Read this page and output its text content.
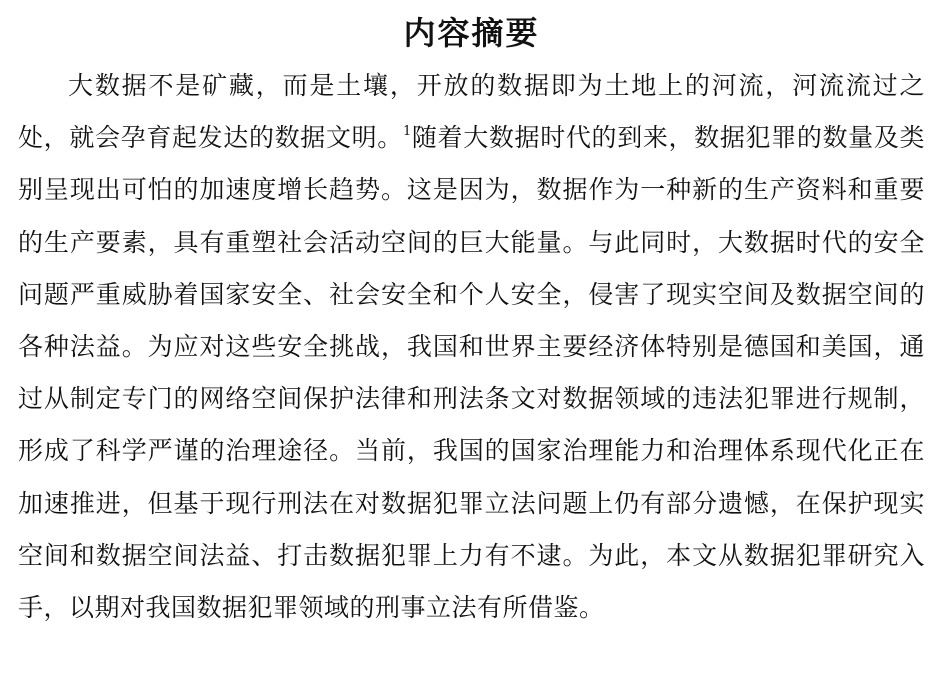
内容摘要

大数据不是矿藏，而是土壤，开放的数据即为土地上的河流，河流流过之处，就会孕育起发达的数据文明。$^1$随着大数据时代的到来，数据犯罪的数量及类别呈现出可怕的加速度增长趋势。这是因为，数据作为一种新的生产资料和重要的生产要素，具有重塑社会活动空间的巨大能量。与此同时，大数据时代的安全问题严重威胁着国家安全、社会安全和个人安全，侵害了现实空间及数据空间的各种法益。为应对这些安全挑战，我国和世界主要经济体特别是德国和美国，通过从制定专门的网络空间保护法律和刑法条文对数据领域的违法犯罪进行规制，形成了科学严谨的治理途径。当前，我国的国家治理能力和治理体系现代化正在加速推进，但基于现行刑法在对数据犯罪立法问题上仍有部分遗憾，在保护现实空间和数据空间法益、打击数据犯罪上力有不逮。为此，本文从数据犯罪研究入手，以期对我国数据犯罪领域的刑事立法有所借鉴。
